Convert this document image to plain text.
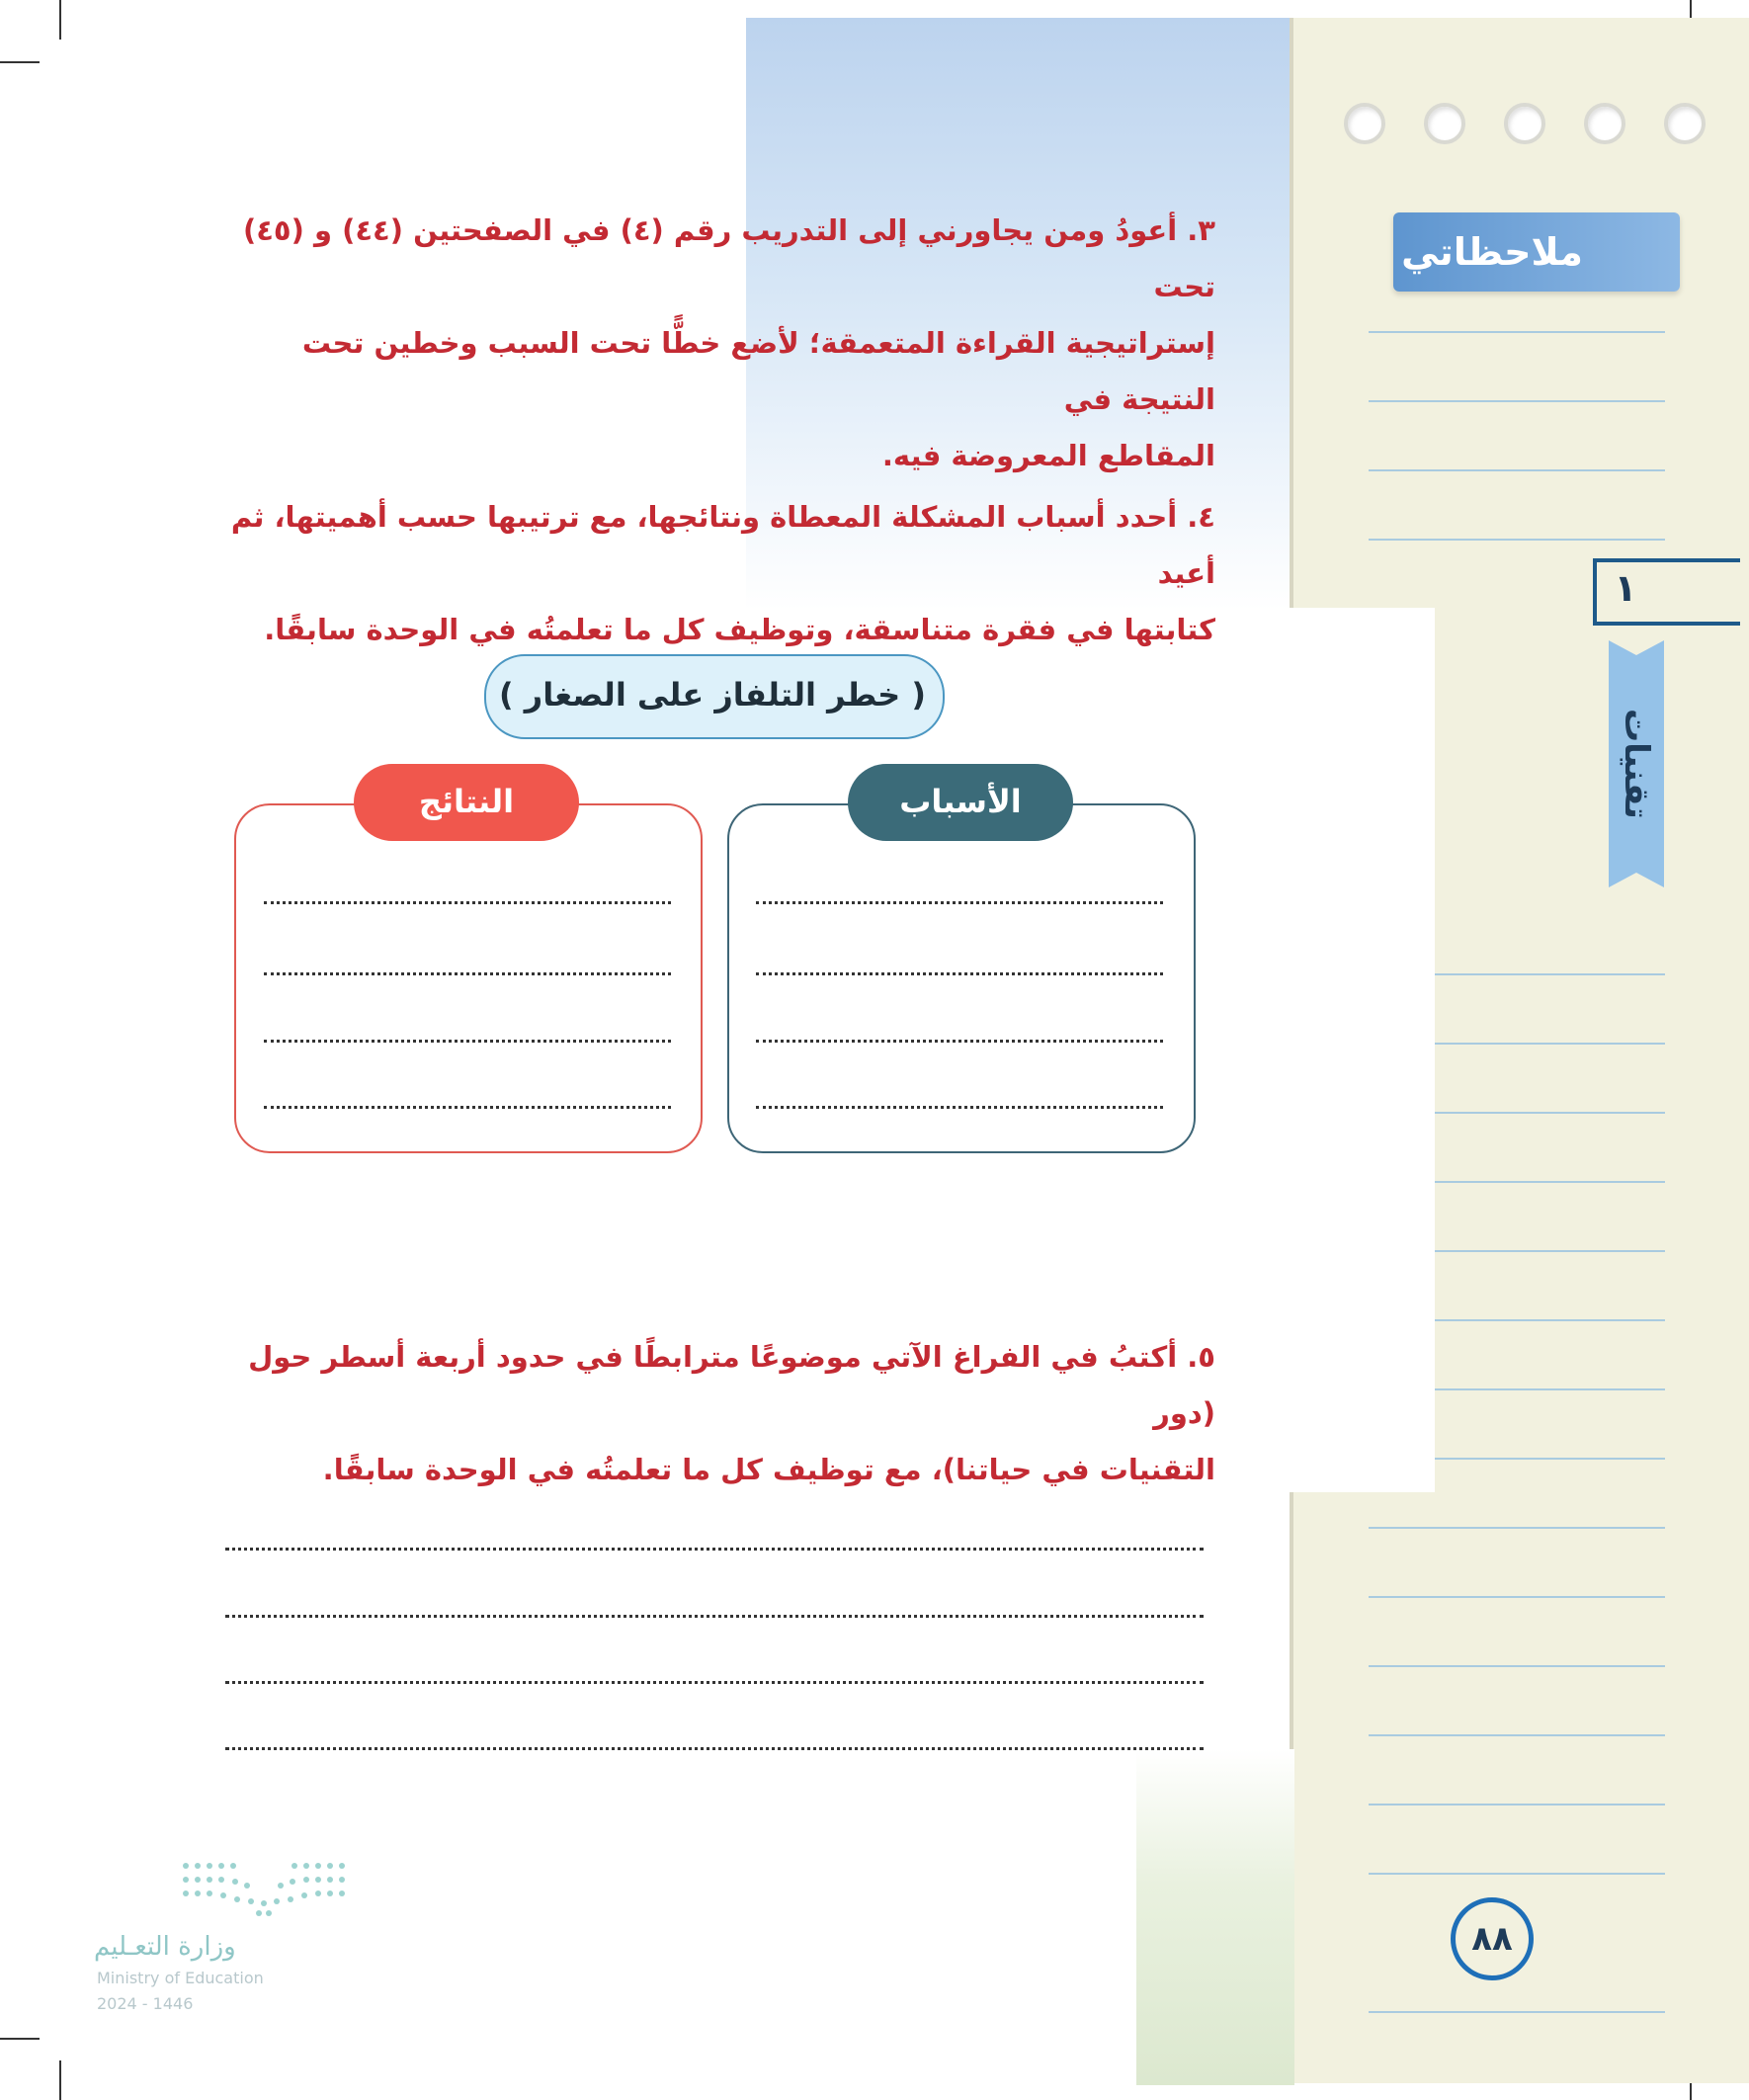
ملاحظاتي
١
تقنيات
٣. أعودُ ومن يجاورني إلى التدريب رقم (٤) في الصفحتين (٤٤) و (٤٥) تحت
إستراتيجية القراءة المتعمقة؛ لأضع خطًّا تحت السبب وخطين تحت النتيجة في
المقاطع المعروضة فيه.
٤. أحدد أسباب المشكلة المعطاة ونتائجها، مع ترتيبها حسب أهميتها، ثم أعيد
كتابتها في فقرة متناسقة، وتوظيف كل ما تعلمتُه في الوحدة سابقًا.
( خطر التلفاز على الصغار )
الأسباب
النتائج
٥. أكتبُ في الفراغ الآتي موضوعًا مترابطًا في حدود أربعة أسطر حول (دور
التقنيات في حياتنا)، مع توظيف كل ما تعلمتُه في الوحدة سابقًا.
٨٨
وزارة التعـليم
Ministry of Education
2024 - 1446
